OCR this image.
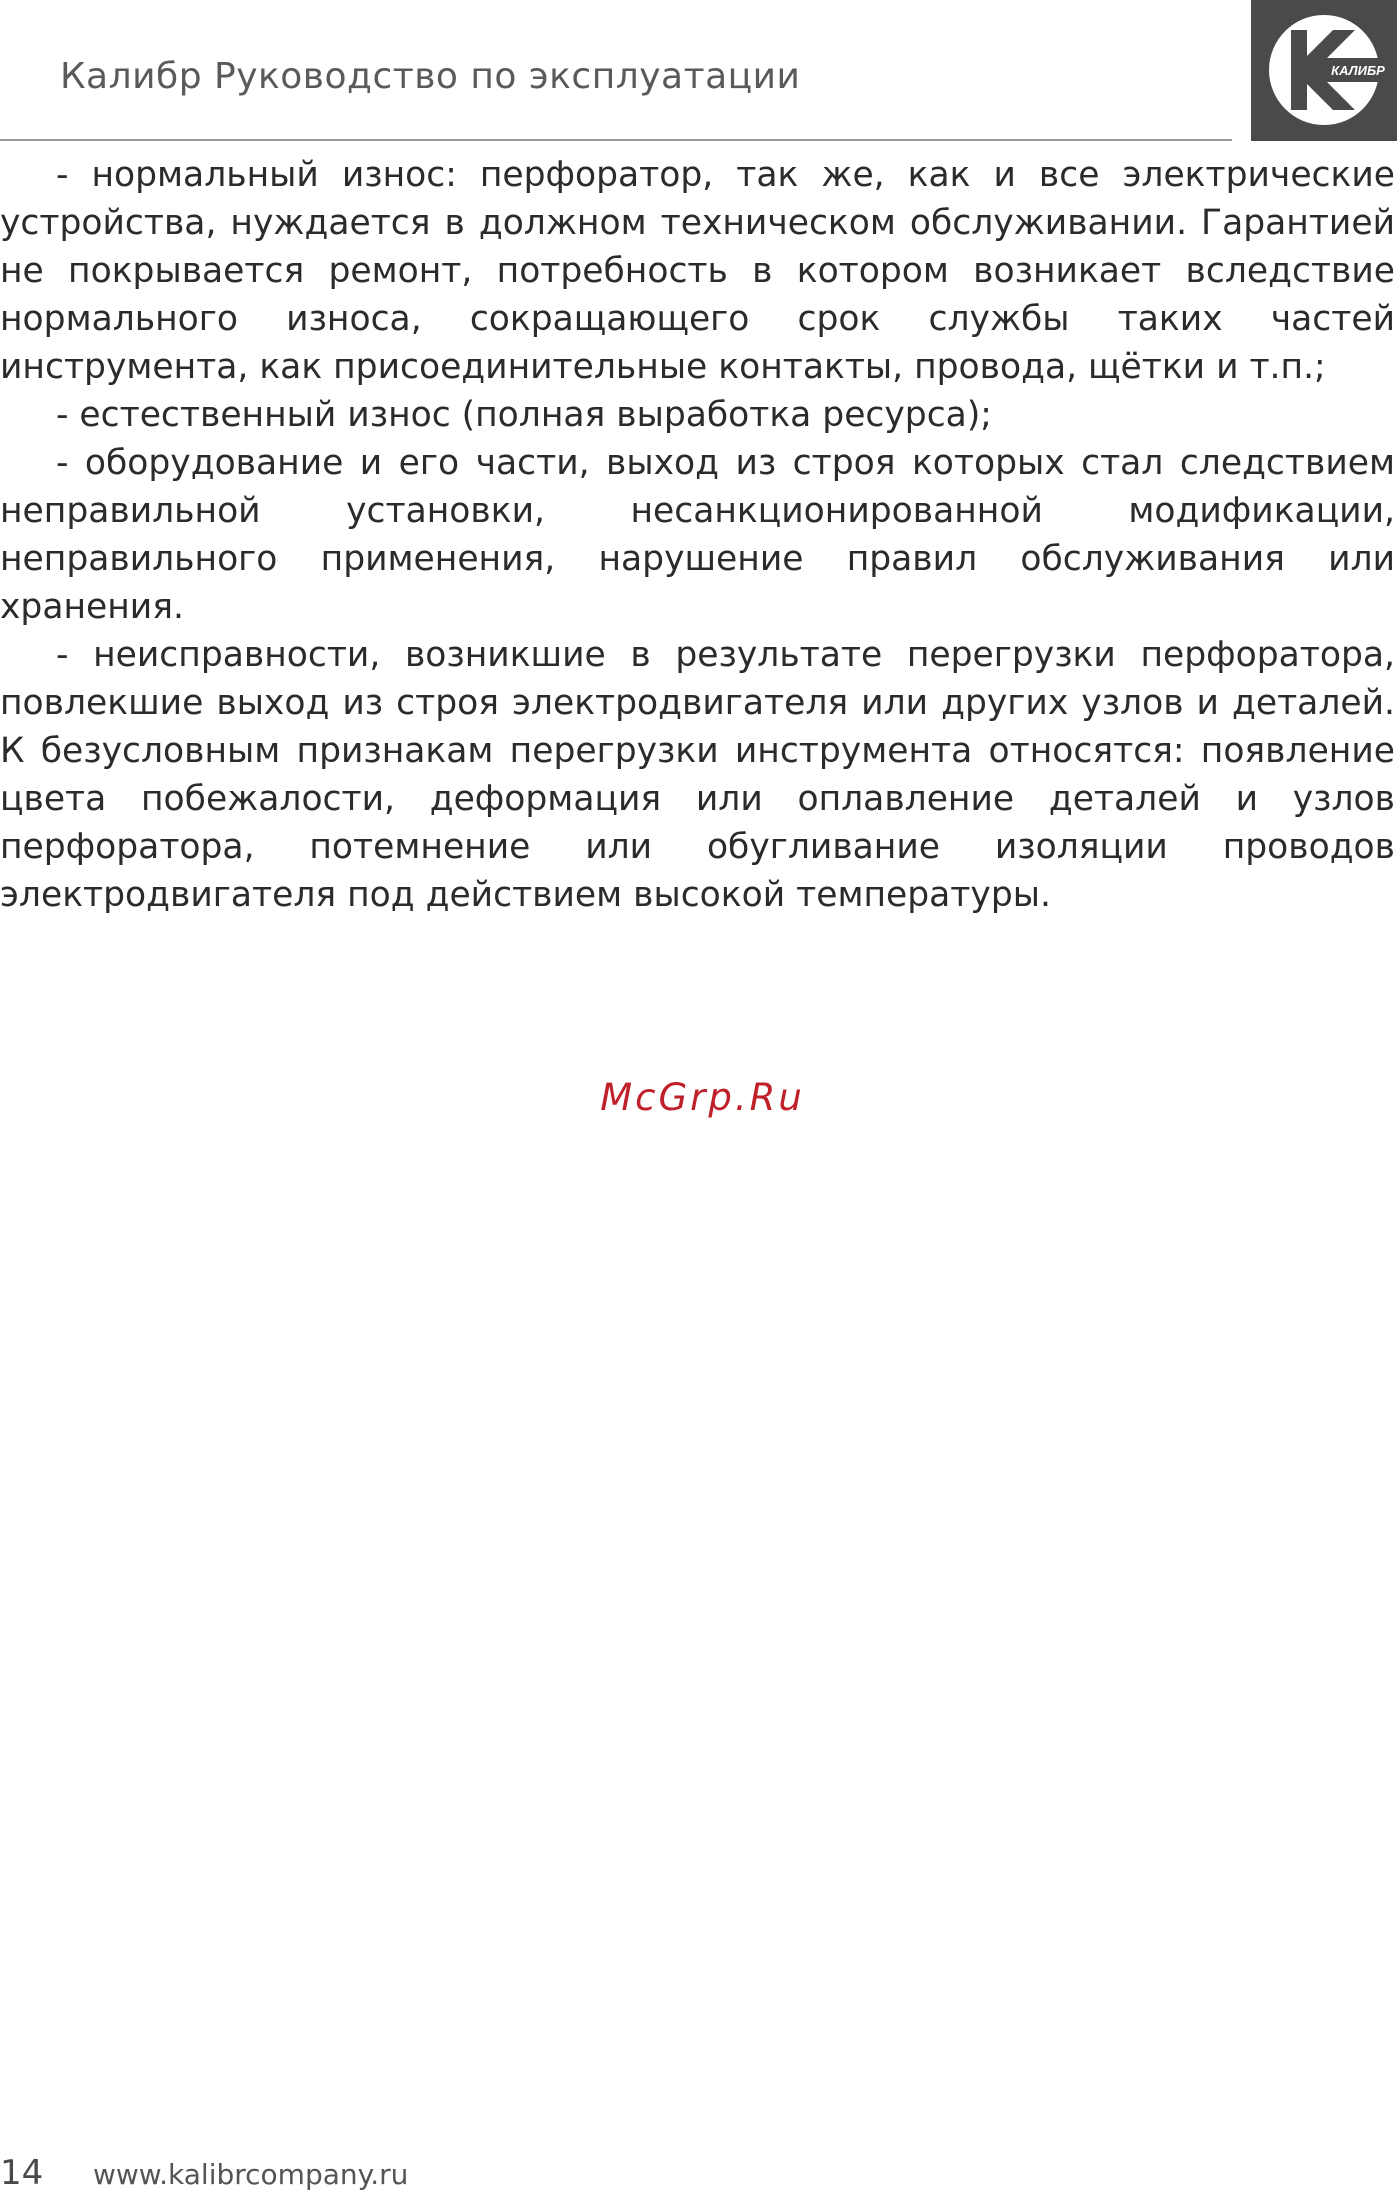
Калибр Руководство по эксплуатации	КАЛИБР

- нормальный износ: перфоратор, так же, как и все электрические устройства, нуждается в должном техническом обслуживании. Гарантией не покрывается ремонт, потребность в котором возникает вследствие нормального износа, сокращающего срок службы таких частей инструмента, как присоединительные контакты, провода, щётки и т.п.;

- естественный износ (полная выработка ресурса);

- оборудование и его части, выход из строя которых стал следствием неправильной установки, несанкционированной модификации, неправильного применения, нарушение правил обслуживания или хранения.

- неисправности, возникшие в результате перегрузки перфоратора, повлекшие выход из строя электродвигателя или других узлов и деталей. К безусловным признакам перегрузки инструмента относятся: появление цвета побежалости, деформация или оплавление деталей и узлов перфоратора, потемнение или обугливание изоляции проводов электродвигателя под действием высокой температуры.

McGrp.Ru
14 www.kalibrcompany.ru
